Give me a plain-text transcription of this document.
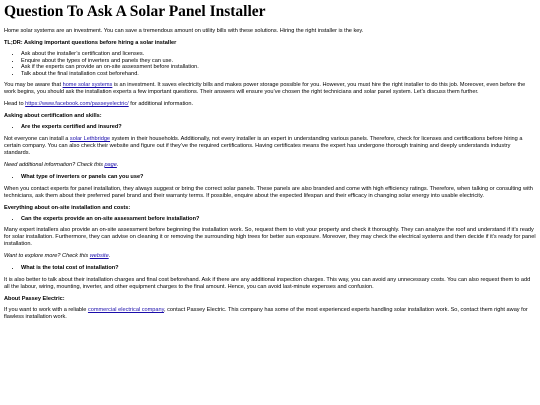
Question To Ask A Solar Panel Installer

Home solar systems are an investment. You can save a tremendous amount on utility bills with these solutions. Hiring the right installer is the key.

TL;DR: Asking important questions before hiring a solar installer

• Ask about the installer’s certification and licenses.
• Enquire about the types of inverters and panels they can use.
• Ask if the experts can provide an on-site assessment before installation.
• Talk about the final installation cost beforehand.

You may be aware that home solar systems is an investment. It saves electricity bills and makes power storage possible for you. However, you must hire the right installer to do this job. Moreover, even before the work begins, you should ask the installation experts a few important questions. Their answers will ensure you’ve chosen the right technicians and solar panel system. Let’s discuss them further.

Head to https://www.facebook.com/passeyelectric/ for additional information.

Asking about certification and skills:

• Are the experts certified and insured?

Not everyone can install a solar Lethbridge system in their households. Additionally, not every installer is an expert in understanding various panels. Therefore, check for licenses and certifications before hiring a certain company. You can also check their website and figure out if they’ve the required certifications. Having certificates means the expert has undergone thorough training and deeply understands industry standards.

Need additional information? Check this page.

• What type of inverters or panels can you use?

When you contact experts for panel installation, they always suggest or bring the correct solar panels. These panels are also branded and come with high efficiency ratings. Therefore, when talking or consulting with technicians, ask them about their preferred panel brand and their warranty terms. If possible, enquire about the expected lifespan and their efficacy in changing solar energy into usable electricity.

Everything about on-site installation and costs:

• Can the experts provide an on-site assessment before installation?

Many expert installers also provide an on-site assessment before beginning the installation work. So, request them to visit your property and check it thoroughly. They can analyze the roof and understand if it’s ready for solar installation. Furthermore, they can advise on cleaning it or removing the surrounding high trees for better sun exposure. Moreover, they may check the electrical systems and then decide if it’s ready for panel installation.

Want to explore more? Check this website.

• What is the total cost of installation?

It is also better to talk about their installation charges and final cost beforehand. Ask if there are any additional inspection charges. This way, you can avoid any unnecessary costs. You can also request them to add all the labour, wiring, mounting, inverter, and other equipment charges to the final amount. Hence, you can avoid last-minute expenses and confusion.

About Passey Electric:

If you want to work with a reliable commercial electrical company, contact Passey Electric. This company has some of the most experienced experts handling solar installation work. So, contact them right away for flawless installation work.
